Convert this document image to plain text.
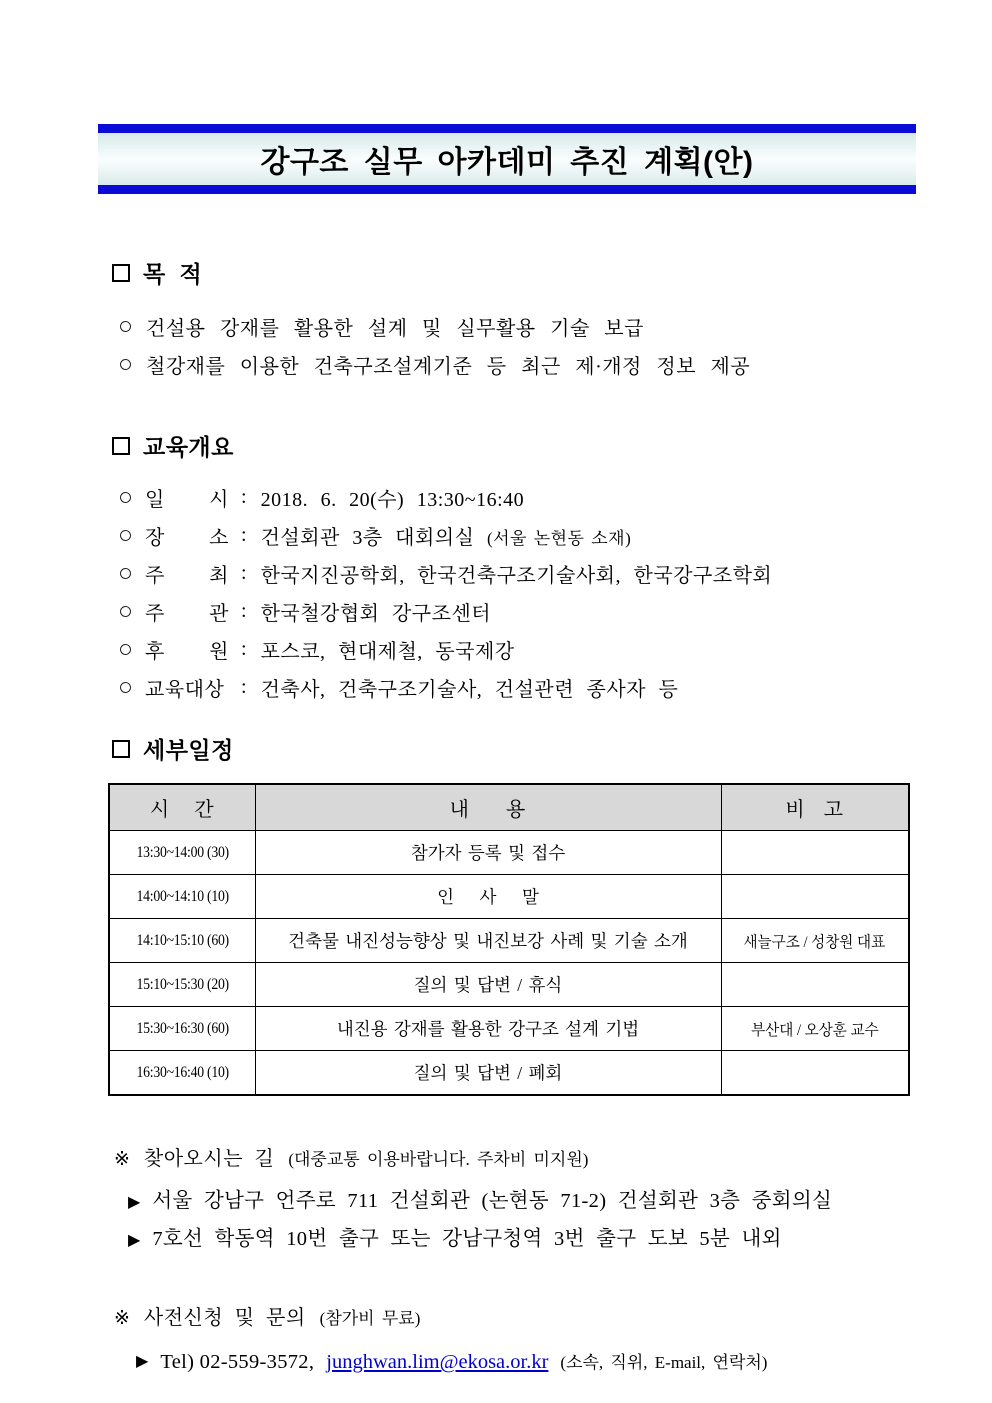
강구조 실무 아카데미 추진 계획(안)
목  적
건설용 강재를 활용한 설계 및 실무활용 기술 보급
철강재를 이용한 건축구조설계기준 등 최근 제·개정 정보 제공
교육개요
일 시 : 2018. 6. 20(수) 13:30~16:40
장 소 : 건설회관 3층 대회의실 (서울 논현동 소재)
주 최 : 한국지진공학회, 한국건축구조기술사회, 한국강구조학회
주 관 : 한국철강협회 강구조센터
후 원 : 포스코, 현대제철, 동국제강
교육대상 : 건축사, 건축구조기술사, 건설관련 종사자 등
세부일정
시    간	내      용	비   고
13:30~14:00 (30)	참가자 등록 및 접수	
14:00~14:10 (10)	인    사    말	
14:10~15:10 (60)	건축물 내진성능향상 및 내진보강 사례 및 기술 소개	새늘구조 / 성창원 대표
15:10~15:30 (20)	질의 및 답변 / 휴식	
15:30~16:30 (60)	내진용 강재를 활용한 강구조 설계 기법	부산대 / 오상훈 교수
16:30~16:40 (10)	질의 및 답변 / 폐회	
※ 찾아오시는 길 (대중교통 이용바랍니다. 주차비 미지원)
▶ 서울 강남구 언주로 711 건설회관 (논현동 71-2) 건설회관 3층 중회의실
▶ 7호선 학동역 10번 출구 또는 강남구청역 3번 출구 도보 5분 내외
※ 사전신청 및 문의 (참가비 무료)
▶ Tel) 02-559-3572, junghwan.lim@ekosa.or.kr (소속, 직위, E-mail, 연락처)
